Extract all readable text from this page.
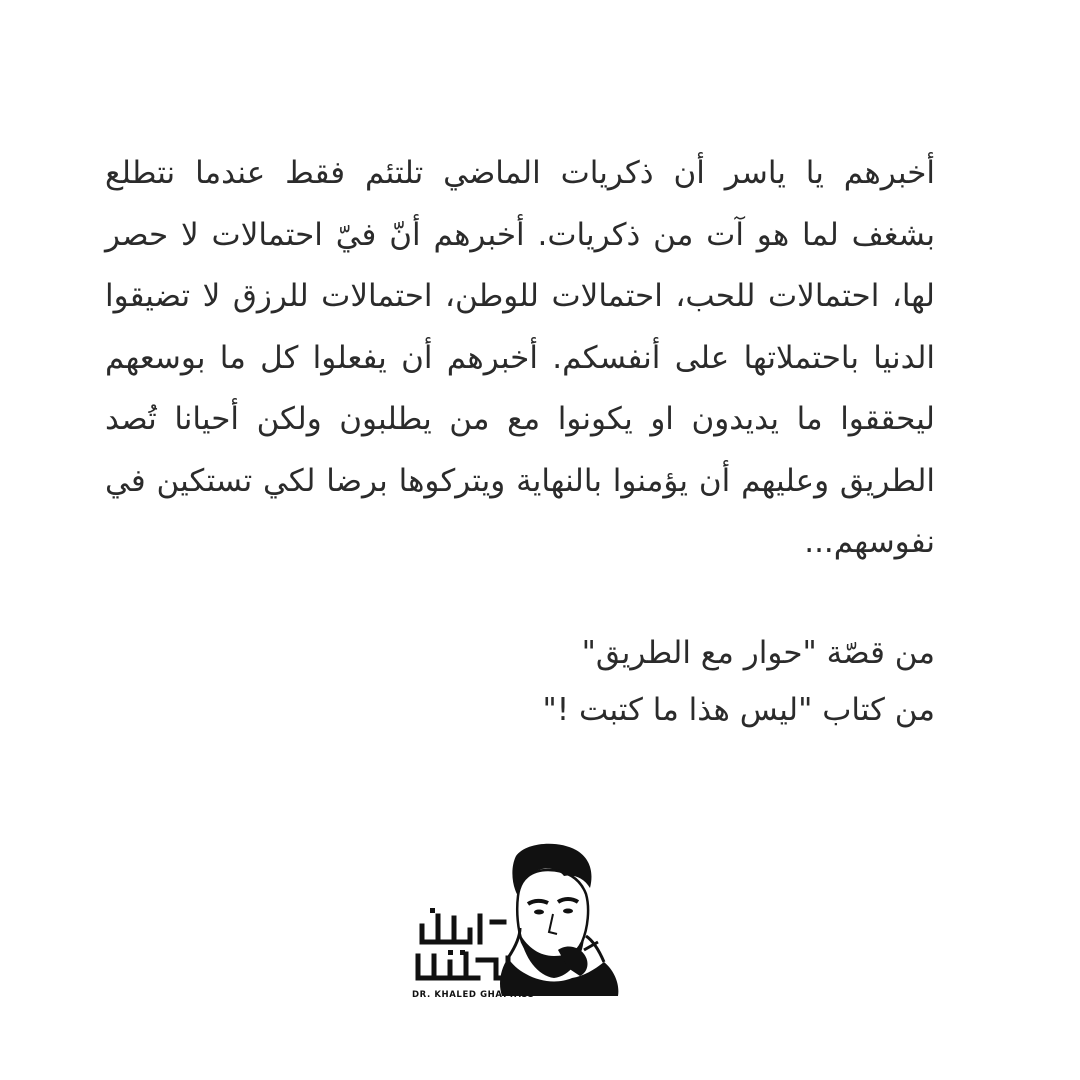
أخبرهم يا ياسر أن ذكريات الماضي تلتئم فقط عندما نتطلع بشغف لما هو آت من ذكريات. أخبرهم أنّ فيّ احتمالات لا حصر لها، احتمالات للحب، احتمالات للوطن، احتمالات للرزق لا تضيقوا الدنيا باحتملاتها على أنفسكم. أخبرهم أن يفعلوا كل ما بوسعهم ليحققوا ما يديدون او يكونوا مع من يطلبون ولكن أحيانا تُصد الطريق وعليهم أن يؤمنوا بالنهاية ويتركوها برضا لكي تستكين في نفوسهم...

من قصّة "حوار مع الطريق"

من كتاب "ليس هذا ما كتبت !"

DR. KHALED GHATTASS
